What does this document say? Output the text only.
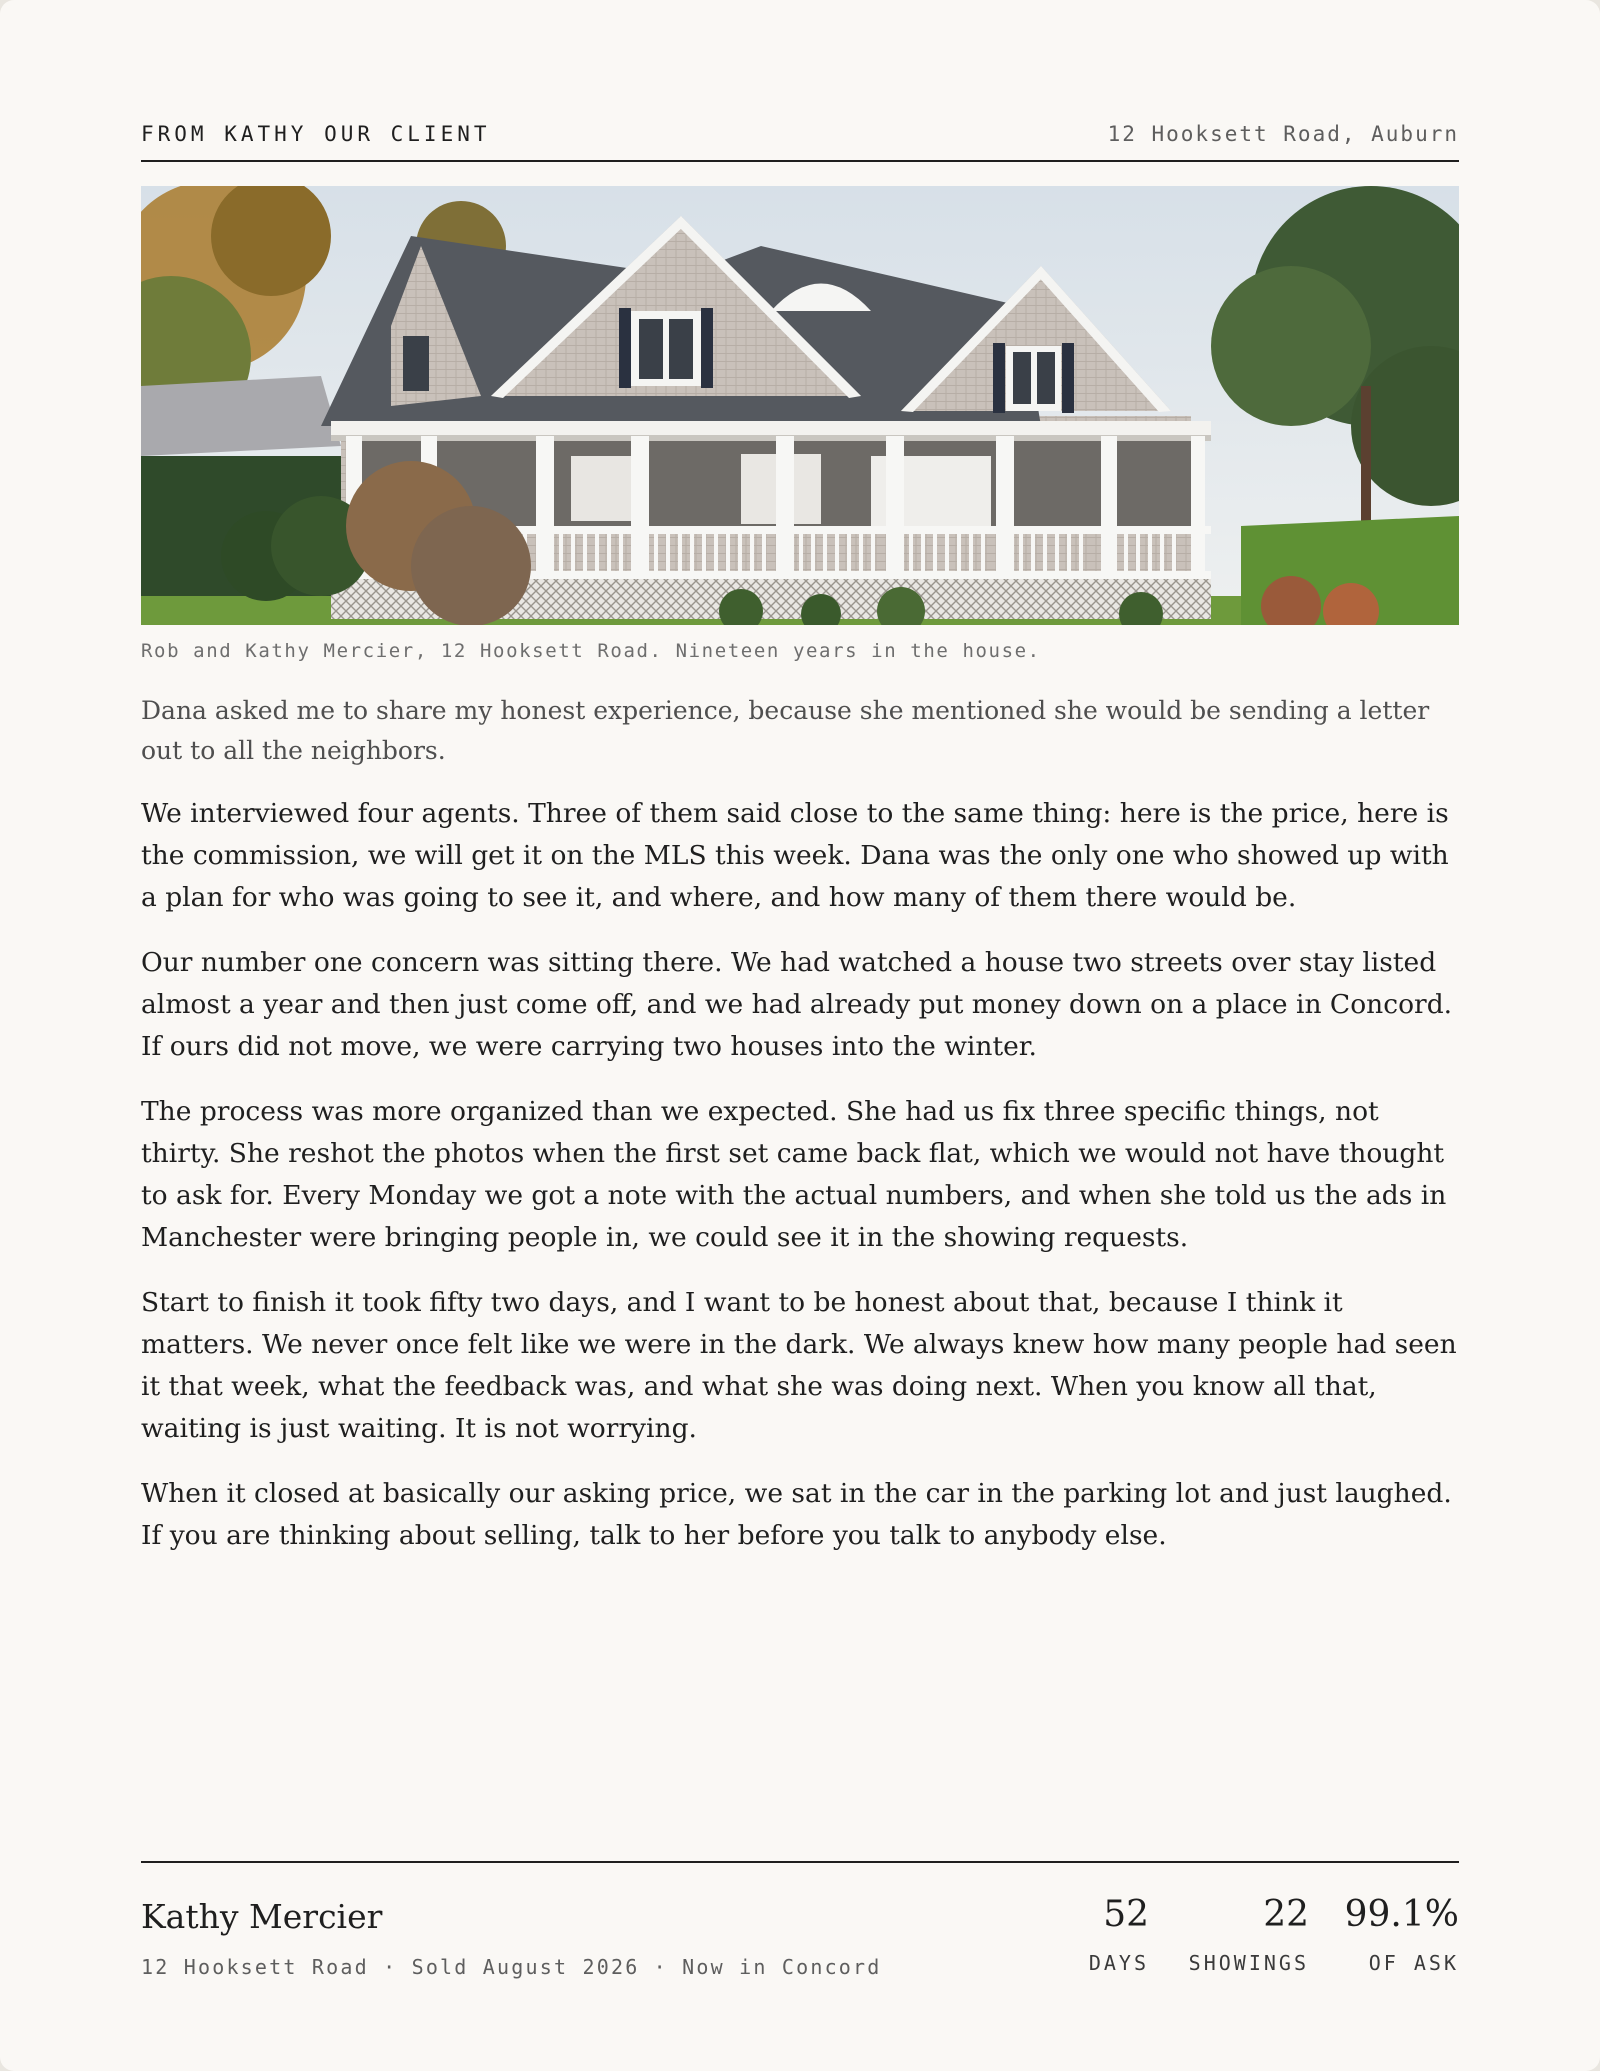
FROM KATHY OUR CLIENT	12 Hooksett Road, Auburn
Rob and Kathy Mercier, 12 Hooksett Road. Nineteen years in the house.

Dana asked me to share my honest experience, because she mentioned she would be sending a letter out to all the neighbors.

We interviewed four agents. Three of them said close to the same thing: here is the price, here is the commission, we will get it on the MLS this week. Dana was the only one who showed up with a plan for who was going to see it, and where, and how many of them there would be.

Our number one concern was sitting there. We had watched a house two streets over stay listed almost a year and then just come off, and we had already put money down on a place in Concord. If ours did not move, we were carrying two houses into the winter.

The process was more organized than we expected. She had us fix three specific things, not thirty. She reshot the photos when the first set came back flat, which we would not have thought to ask for. Every Monday we got a note with the actual numbers, and when she told us the ads in Manchester were bringing people in, we could see it in the showing requests.

Start to finish it took fifty two days, and I want to be honest about that, because I think it matters. We never once felt like we were in the dark. We always knew how many people had seen it that week, what the feedback was, and what she was doing next. When you know all that, waiting is just waiting. It is not worrying.

When it closed at basically our asking price, we sat in the car in the parking lot and just laughed. If you are thinking about selling, talk to her before you talk to anybody else.

Kathy Mercier
12 Hooksett Road · Sold August 2026 · Now in Concord
52
DAYS
22
SHOWINGS
99.1%
OF ASK
